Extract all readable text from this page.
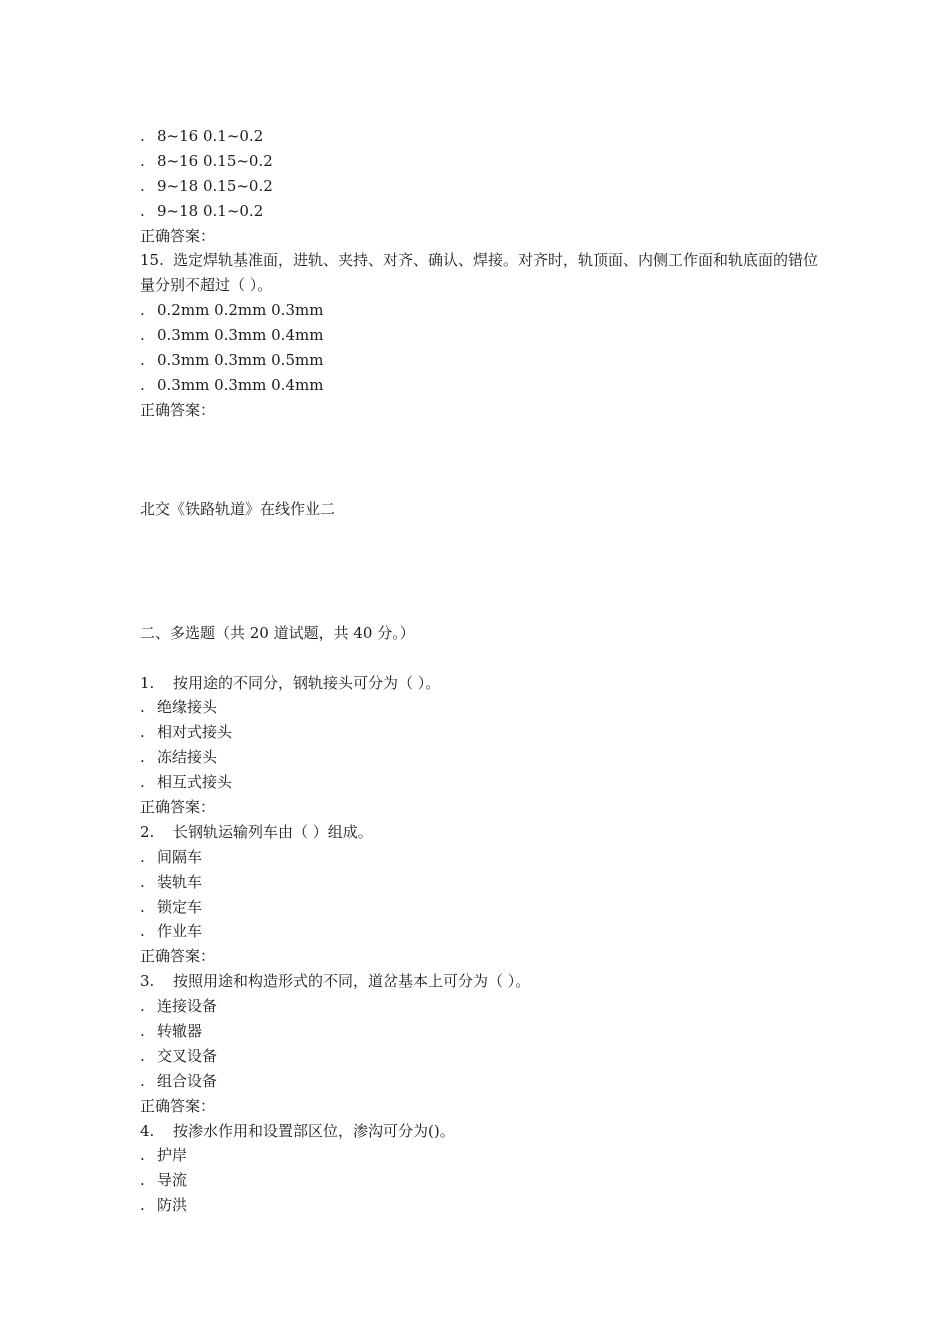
. 8~16 0.1~0.2
. 8~16 0.15~0.2
. 9~18 0.15~0.2
. 9~18 0.1~0.2
正确答案：
15. 选定焊轨基准面，进轨、夹持、对齐、确认、焊接。对齐时，轨顶面、内侧工作面和轨底面的错位量分别不超过（ ）。
. 0.2mm 0.2mm 0.3mm
. 0.3mm 0.3mm 0.4mm
. 0.3mm 0.3mm 0.5mm
. 0.3mm 0.3mm 0.4mm
正确答案：
北交《铁路轨道》在线作业二
二、多选题（共 20 道试题，共 40 分。）
1. 按用途的不同分，钢轨接头可分为（ ）。
. 绝缘接头
. 相对式接头
. 冻结接头
. 相互式接头
正确答案：
2. 长钢轨运输列车由（ ）组成。
. 间隔车
. 装轨车
. 锁定车
. 作业车
正确答案：
3. 按照用途和构造形式的不同，道岔基本上可分为（ ）。
. 连接设备
. 转辙器
. 交叉设备
. 组合设备
正确答案：
4. 按渗水作用和设置部区位，渗沟可分为()。
. 护岸
. 导流
. 防洪
